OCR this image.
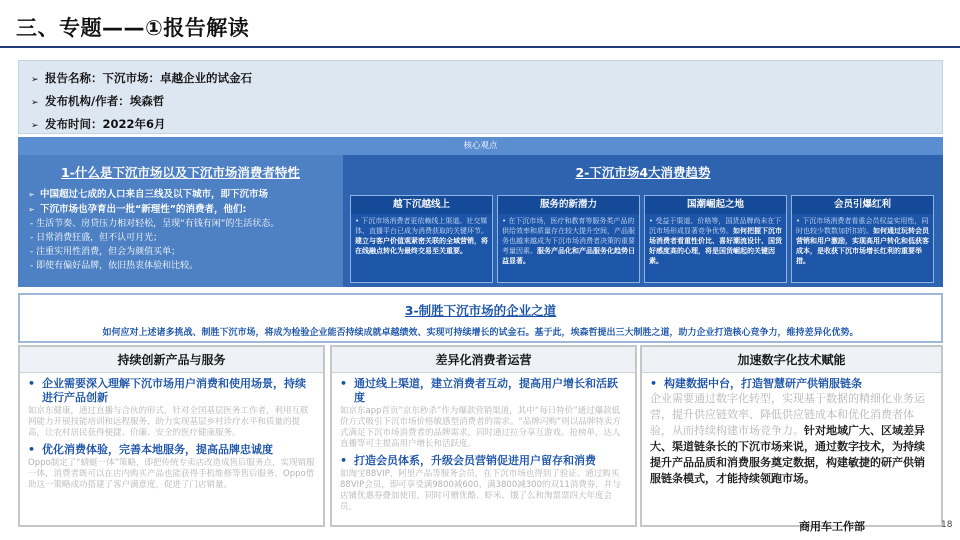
三、专题——①报告解读
➢ 报告名称：下沉市场：卓越企业的试金石
➢ 发布机构/作者：埃森哲
➢ 发布时间：2022年6月
核心观点
1-什么是下沉市场以及下沉市场消费者特性
➢ 中国超过七成的人口来自三线及以下城市，即下沉市场
➢ 下沉市场也孕育出一批“新理性”的消费者，他们:
- 生活节奏、房贷压力相对轻松，呈现“有钱有闲”的生活状态。
- 日常消费狂盛，但不认可月光；
- 注重实用性消费，但会为颜值买单；
- 即使有偏好品牌，依旧热衷体验和比较。
2-下沉市场4大消费趋势
越下沉越线上
• 下沉市场消费者更依赖线上渠道。社交媒体、直播平台已成为消费获取的关键环节。建立与客户价值观紧密关联的全域营销，将在线融点转化为最终交易至关重要。
服务的新潜力
• 在下沉市场，医疗和教育等服务类产品的供给效率和质量存在较大提升空间，产品服务也越来越成为下沉市场消费者决策的重要考量因素。服务产品化和产品服务化趋势日益显著。
国潮崛起之地
• 受益于渠道、价格等，国货品牌尚未在下沉市场形成显著竞争优势。如何把握下沉市场消费者看重性价比、喜好潮流设计、国货好感度高的心理，将是国货崛起的关键因素。
会员引爆红利
• 下沉市场消费者看重会员权益实用性，同时也较少数数加折扣的。如何通过玩转会员营销和用户激励，实现高用户转化和低获客成本，是收获下沉市场增长红利的重要举措。
3-制胜下沉市场的企业之道
如何应对上述诸多挑战、制胜下沉市场，将成为检验企业能否持续成就卓越绩效、实现可持续增长的试金石。基于此，埃森哲提出三大制胜之道，助力企业打造核心竞争力，维持差异化优势。
持续创新产品与服务
• 企业需要深入理解下沉市场用户消费和使用场景，持续进行产品创新
如京东健康，通过直播与合伙的形式，针对全国基层医务工作者，利用互联网能力开展技能培训和远程服务，助力实现基层乡村诊疗水平和质量的提高，让农村居民获得便捷、价廉、安全的医疗健康服务。
• 优化消费体验，完善本地服务，提高品牌忠诚度
Oppo制定了“蜻蜓一体”策略，即把传统专卖店改造成售后服务点，实现销服一体，消费者既可以在店内购买产品也能获得手机维修等售后服务。Oppo借助这一策略成功搭建了客户满意度，促进了门店销量。
差异化消费者运营
• 通过线上渠道，建立消费者互动，提高用户增长和活跃度
如京东app首页“京东秒杀”作为爆款营销渠道，其中“每日特价”通过爆款低价方式吸引下沉市场价格敏感型消费者的需求。“品牌闪购”则以品牌特卖方式满足下沉市场消费者的品牌需求，同时通过拉分享互游戏、抢榜单，达人直播等可主提高用户增长和活跃度。
• 打造会员体系，升级会员营销促进用户留存和消费
如淘宝88VIP，阿里产品等服务会员，在下沉市场也得到了验证。通过购买88VIP会员，即可享受满9800减600、满3800减300的双11消费券，并与店铺优惠券叠加使用，同时可赠优酷、虾米、饿了么和淘票票四大年度会员。
加速数字化技术赋能
• 构建数据中台，打造智慧研产供销服链条
企业需要通过数字化转型，实现基于数据的精细化业务运营，提升供应链效率、降低供应链成本和优化消费者体验，从而持续构建市场竞争力。针对地域广大、区域差异大、渠道链条长的下沉市场来说，通过数字技术，为持续提升产品品质和消费服务奠定数据，构建敏捷的研产供销服链条模式，才能持续领跑市场。
商用车工作部	18
